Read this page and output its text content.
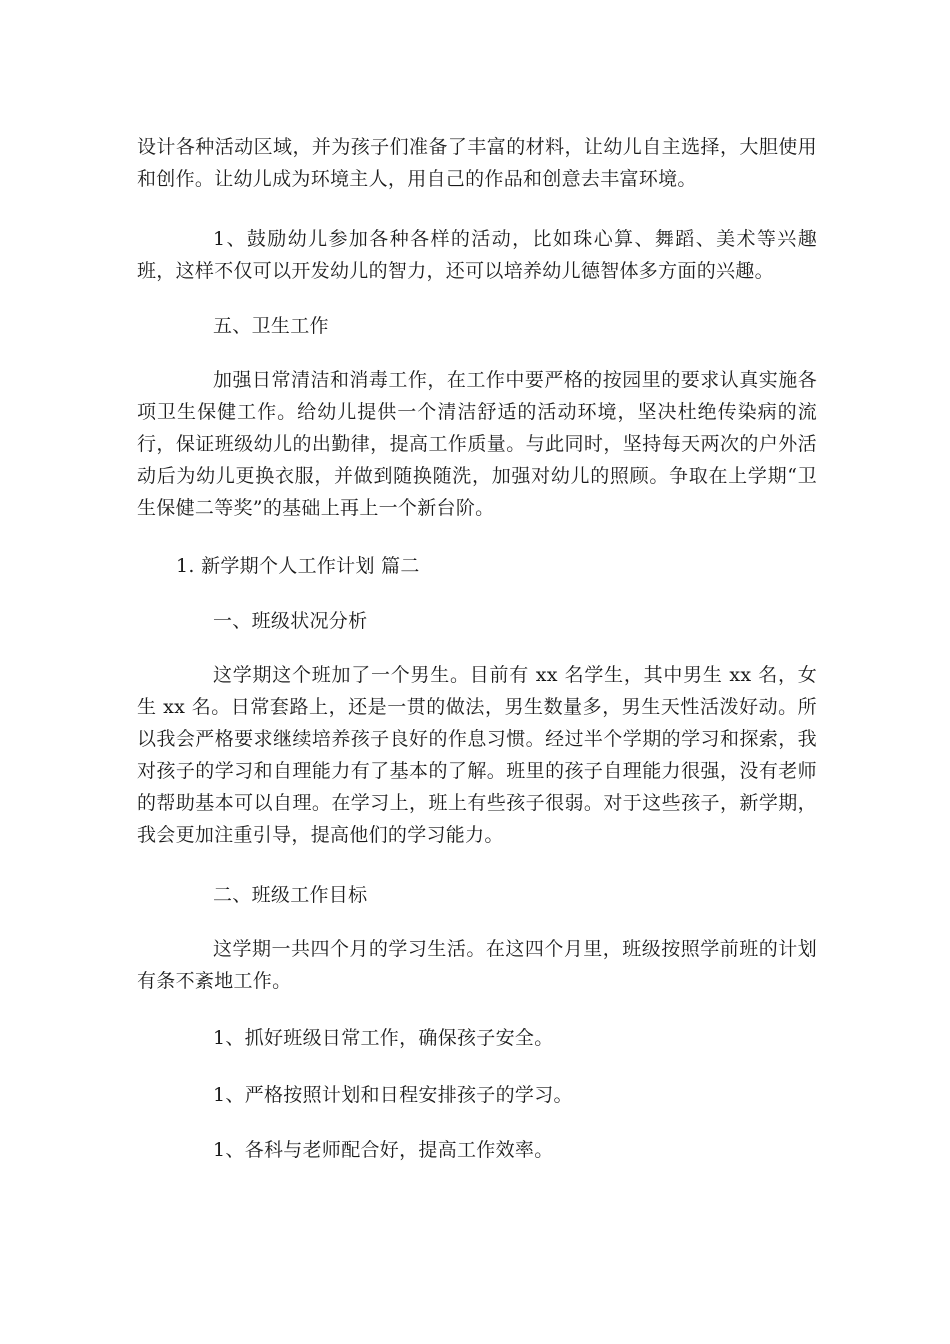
设计各种活动区域，并为孩子们准备了丰富的材料，让幼儿自主选择，大胆使用和创作。让幼儿成为环境主人，用自己的作品和创意去丰富环境。

1、鼓励幼儿参加各种各样的活动，比如珠心算、舞蹈、美术等兴趣班，这样不仅可以开发幼儿的智力，还可以培养幼儿德智体多方面的兴趣。

五、卫生工作

加强日常清洁和消毒工作，在工作中要严格的按园里的要求认真实施各项卫生保健工作。给幼儿提供一个清洁舒适的活动环境，坚决杜绝传染病的流行，保证班级幼儿的出勤律，提高工作质量。与此同时，坚持每天两次的户外活动后为幼儿更换衣服，并做到随换随洗，加强对幼儿的照顾。争取在上学期“卫生保健二等奖”的基础上再上一个新台阶。

1. 新学期个人工作计划 篇二

一、班级状况分析

这学期这个班加了一个男生。目前有 xx 名学生，其中男生 xx 名，女生 xx 名。日常套路上，还是一贯的做法，男生数量多，男生天性活泼好动。所以我会严格要求继续培养孩子良好的作息习惯。经过半个学期的学习和探索，我对孩子的学习和自理能力有了基本的了解。班里的孩子自理能力很强，没有老师的帮助基本可以自理。在学习上，班上有些孩子很弱。对于这些孩子，新学期，我会更加注重引导，提高他们的学习能力。

二、班级工作目标

这学期一共四个月的学习生活。在这四个月里，班级按照学前班的计划有条不紊地工作。

1、抓好班级日常工作，确保孩子安全。

1、严格按照计划和日程安排孩子的学习。

1、各科与老师配合好，提高工作效率。
